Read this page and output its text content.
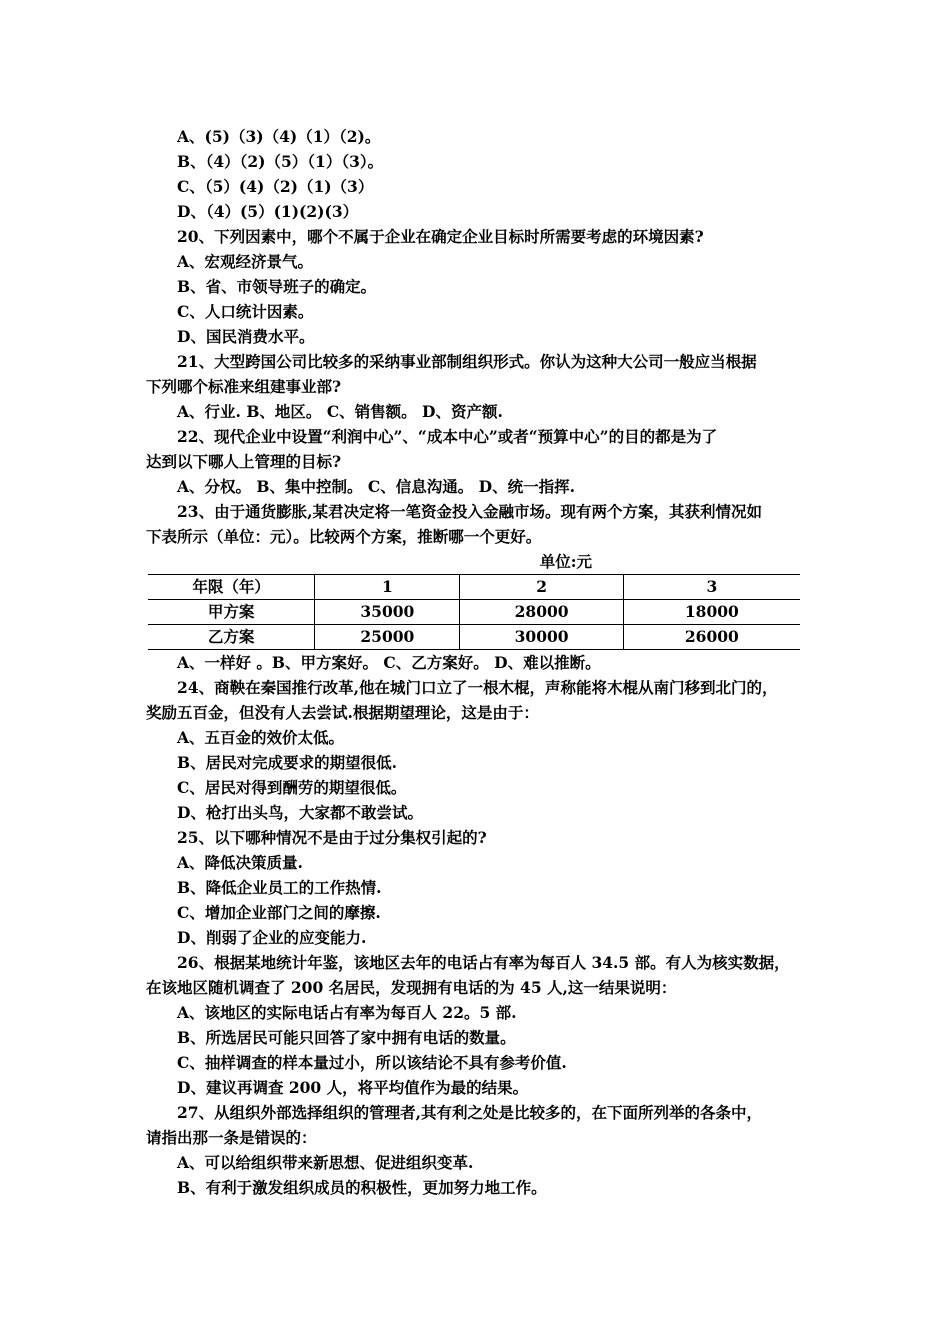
A、(5)（3)（4)（1）（2)。
B、（4）（2)（5）（1）（3）。
C、（5）(4)（2)（1)（3）
D、（4）(5）(1)(2)(3）
20、下列因素中，哪个不属于企业在确定企业目标时所需要考虑的环境因素?
A、宏观经济景气。
B、省、市领导班子的确定。
C、人口统计因素。
D、国民消费水平。
21、大型跨国公司比较多的采纳事业部制组织形式。你认为这种大公司一般应当根据
下列哪个标准来组建事业部?
A、行业. B、地区。 C、销售额。 D、资产额.
22、现代企业中设置“利润中心”、“成本中心”或者“预算中心”的目的都是为了
达到以下哪人上管理的目标?
A、分权。 B、集中控制。 C、信息沟通。 D、统一指挥.
23、由于通货膨胀,某君决定将一笔资金投入金融市场。现有两个方案，其获利情况如
下表所示（单位：元）。比较两个方案，推断哪一个更好。
单位:元
年限（年）	1	2	3
甲方案	35000	28000	18000
乙方案	25000	30000	26000
A、一样好 。B、甲方案好。 C、乙方案好。 D、难以推断。
24、商鞅在秦国推行改革,他在城门口立了一根木棍，声称能将木棍从南门移到北门的，
奖励五百金，但没有人去尝试.根据期望理论，这是由于：
A、五百金的效价太低。
B、居民对完成要求的期望很低.
C、居民对得到酬劳的期望很低。
D、枪打出头鸟，大家都不敢尝试。
25、以下哪种情况不是由于过分集权引起的?
A、降低决策质量.
B、降低企业员工的工作热情.
C、增加企业部门之间的摩擦.
D、削弱了企业的应变能力.
26、根据某地统计年鉴，该地区去年的电话占有率为每百人 34.5 部。有人为核实数据，
在该地区随机调查了 200 名居民，发现拥有电话的为 45 人,这一结果说明：
A、该地区的实际电话占有率为每百人 22。5 部.
B、所选居民可能只回答了家中拥有电话的数量。
C、抽样调查的样本量过小，所以该结论不具有参考价值.
D、建议再调查 200 人，将平均值作为最的结果。
27、从组织外部选择组织的管理者,其有利之处是比较多的，在下面所列举的各条中，
请指出那一条是错误的：
A、可以给组织带来新思想、促进组织变革.
B、有利于激发组织成员的积极性，更加努力地工作。
